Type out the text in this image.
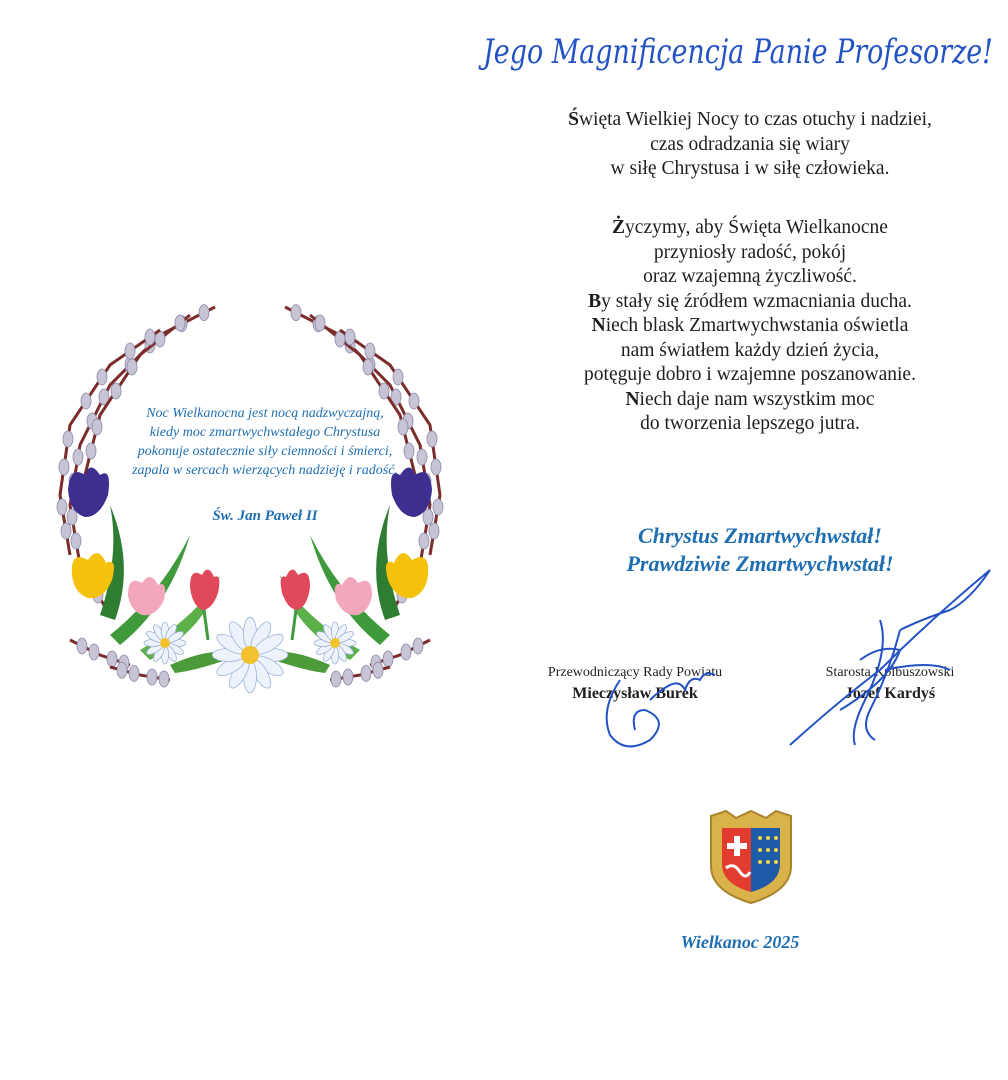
Jego Magnificencja Panie Profesorze!

Święta Wielkiej Nocy to czas otuchy i nadziei,

czas odradzania się wiary

w siłę Chrystusa i w siłę człowieka.

Życzymy, aby Święta Wielkanocne

przyniosły radość, pokój

oraz wzajemną życzliwość.

By stały się źródłem wzmacniania ducha.

Niech blask Zmartwychwstania oświetla

nam światłem każdy dzień życia,

potęguje dobro i wzajemne poszanowanie.

Niech daje nam wszystkim moc

do tworzenia lepszego jutra.

Chrystus Zmartwychwstał!
Prawdziwie Zmartwychwstał!
Noc Wielkanocna jest nocą nadzwyczajną,
kiedy moc zmartwychwstałego Chrystusa
pokonuje ostatecznie siły ciemności i śmierci,
zapala w sercach wierzących nadzieję i radość.
Św. Jan Paweł II
Przewodniczący Rady Powiatu
Mieczysław Burek
Starosta Kolbuszowski
Józef Kardyś
Wielkanoc 2025
